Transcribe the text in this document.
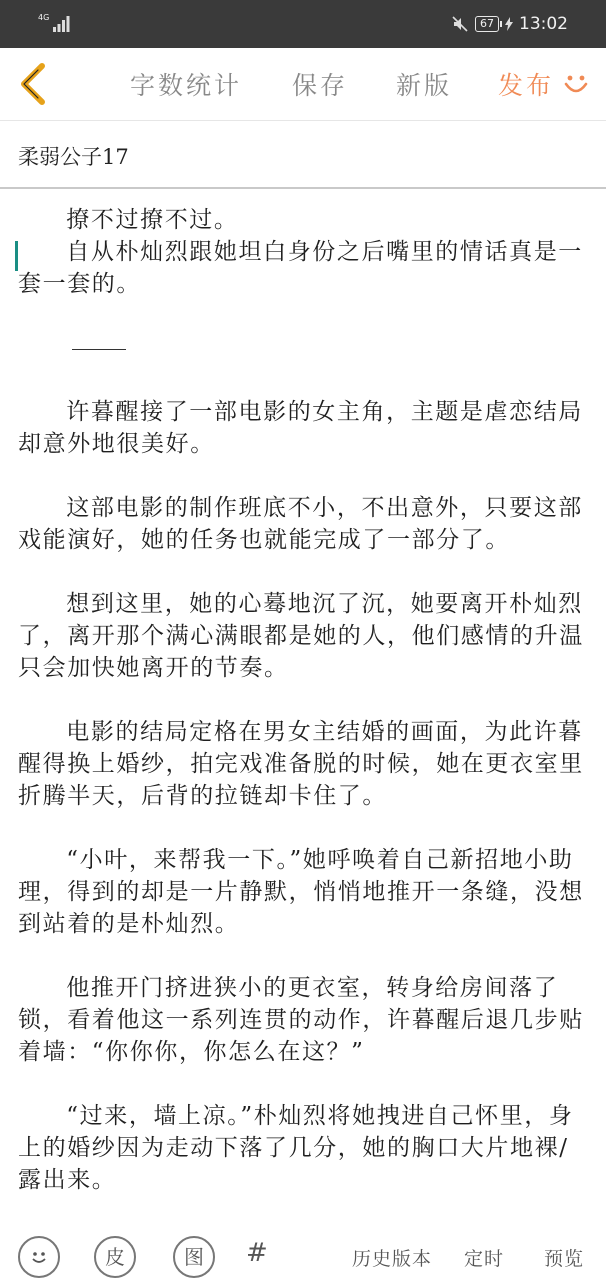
4G	67 13:02
字数统计 保存 新版 发布
柔弱公子17

撩不过撩不过。

自从朴灿烈跟她坦白身份之后嘴里的情话真是一套一套的。

许暮醒接了一部电影的女主角，主题是虐恋结局却意外地很美好。

这部电影的制作班底不小，不出意外，只要这部戏能演好，她的任务也就能完成了一部分了。

想到这里，她的心蓦地沉了沉，她要离开朴灿烈了，离开那个满心满眼都是她的人，他们感情的升温只会加快她离开的节奏。

电影的结局定格在男女主结婚的画面，为此许暮醒得换上婚纱，拍完戏准备脱的时候，她在更衣室里折腾半天，后背的拉链却卡住了。

“小叶，来帮我一下。”她呼唤着自己新招地小助理，得到的却是一片静默，悄悄地推开一条缝，没想到站着的是朴灿烈。

他推开门挤进狭小的更衣室，转身给房间落了锁，看着他这一系列连贯的动作，许暮醒后退几步贴着墙：“你你你，你怎么在这？”

“过来，墙上凉。”朴灿烈将她拽进自己怀里，身上的婚纱因为走动下落了几分，她的胸口大片地裸/露出来。

皮	图	#	历史版本 定时 预览
